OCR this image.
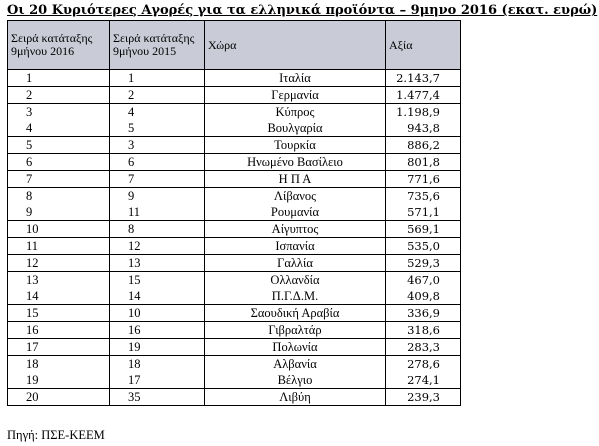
Οι 20 Κυριότερες Αγορές για τα ελληνικά προϊόντα – 9μηνο 2016 (εκατ. ευρώ)
Σειρά κατάταξης 9μήνου 2016	Σειρά κατάταξης 9μήνου 2015	Χώρα	Αξία
1	1	Ιταλία	2.143,7
2	2	Γερμανία	1.477,4
3	4	Κύπρος	1.198,9
4	5	Βουλγαρία	943,8
5	3	Τουρκία	886,2
6	6	Ηνωμένο Βασίλειο	801,8
7	7	Η Π Α	771,6
8	9	Λίβανος	735,6
9	11	Ρουμανία	571,1
10	8	Αίγυπτος	569,1
11	12	Ισπανία	535,0
12	13	Γαλλία	529,3
13	15	Ολλανδία	467,0
14	14	Π.Γ.Δ.Μ.	409,8
15	10	Σαουδική Αραβία	336,9
16	16	Γιβραλτάρ	318,6
17	19	Πολωνία	283,3
18	18	Αλβανία	278,6
19	17	Βέλγιο	274,1
20	35	Λιβύη	239,3
Πηγή: ΠΣΕ-ΚΕΕΜ
